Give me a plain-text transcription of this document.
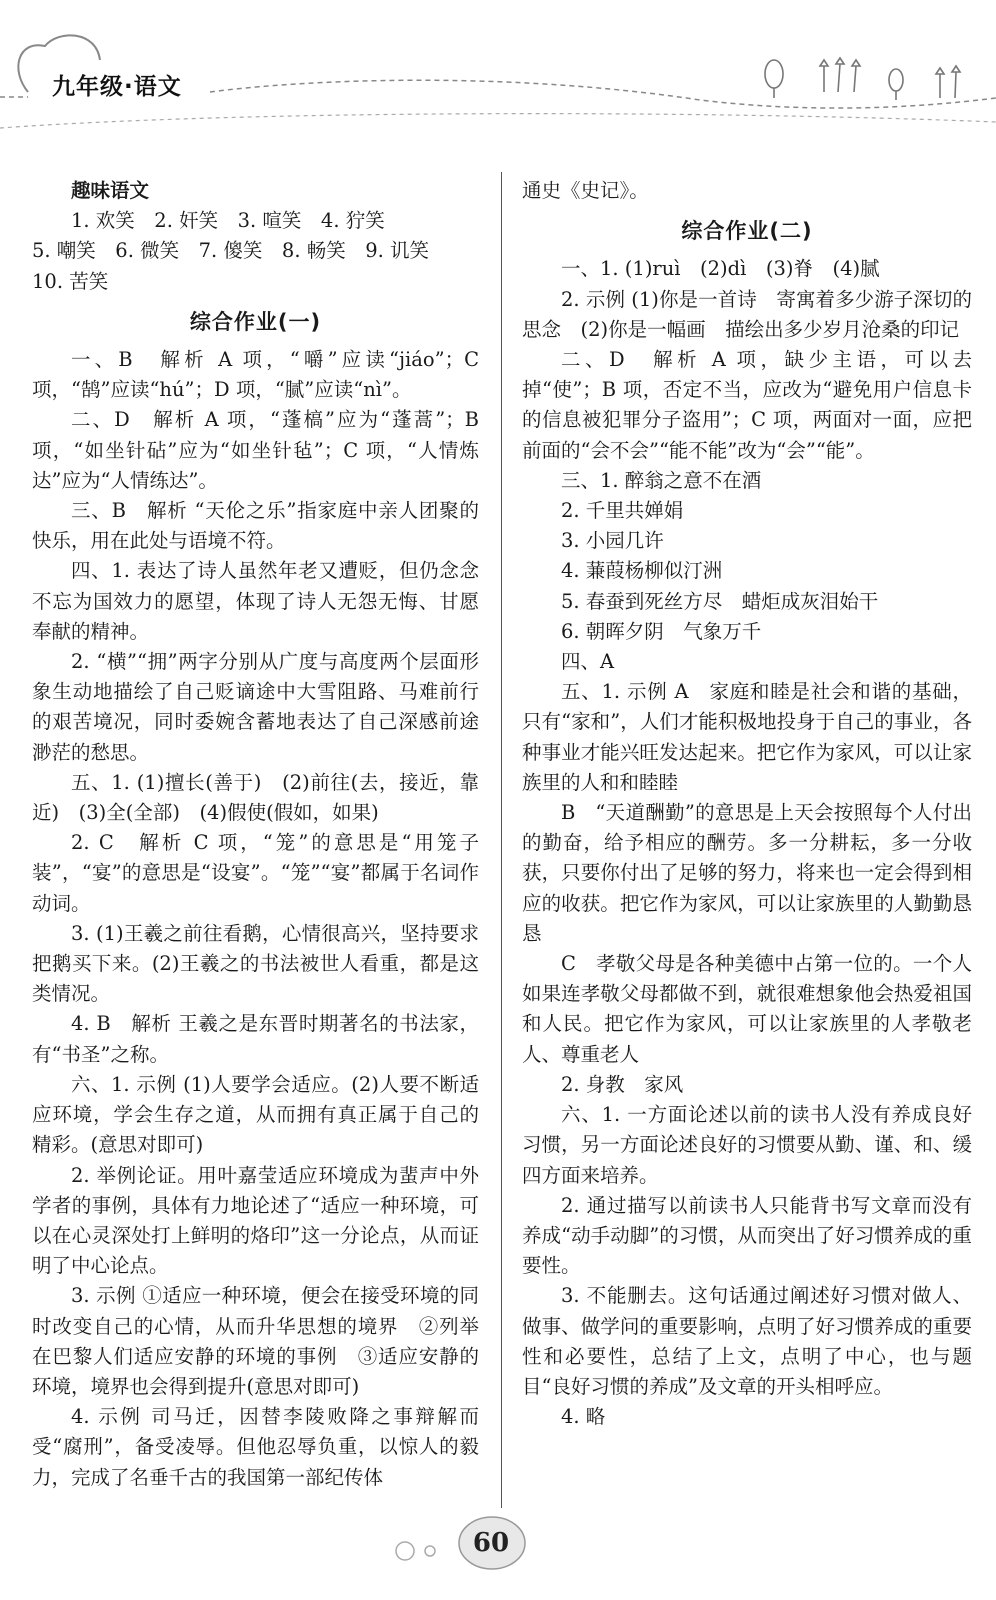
九年级·语文
趣味语文
1. 欢笑　2. 奸笑　3. 喧笑　4. 狞笑
5. 嘲笑　6. 微笑　7. 傻笑　8. 畅笑　9. 讥笑
10. 苦笑
综合作业(一)
一、B　解析 A 项，“嚼”应读“jiáo”；C 项，“鹄”应读“hú”；D 项，“腻”应读“nì”。
二、D　解析 A 项，“蓬槁”应为“蓬蒿”；B 项，“如坐针砧”应为“如坐针毡”；C 项，“人情炼达”应为“人情练达”。
三、B　解析 “天伦之乐”指家庭中亲人团聚的快乐，用在此处与语境不符。
四、1. 表达了诗人虽然年老又遭贬，但仍念念不忘为国效力的愿望，体现了诗人无怨无悔、甘愿奉献的精神。
2. “横”“拥”两字分别从广度与高度两个层面形象生动地描绘了自己贬谪途中大雪阻路、马难前行的艰苦境况，同时委婉含蓄地表达了自己深感前途渺茫的愁思。
五、1. (1)擅长(善于)　(2)前往(去，接近，靠近)　(3)全(全部)　(4)假使(假如，如果)
2. C　解析 C 项，“笼”的意思是“用笼子装”，“宴”的意思是“设宴”。“笼”“宴”都属于名词作动词。
3. (1)王羲之前往看鹅，心情很高兴，坚持要求把鹅买下来。(2)王羲之的书法被世人看重，都是这类情况。
4. B　解析 王羲之是东晋时期著名的书法家，有“书圣”之称。
六、1. 示例 (1)人要学会适应。(2)人要不断适应环境，学会生存之道，从而拥有真正属于自己的精彩。(意思对即可)
2. 举例论证。用叶嘉莹适应环境成为蜚声中外学者的事例，具体有力地论述了“适应一种环境，可以在心灵深处打上鲜明的烙印”这一分论点，从而证明了中心论点。
3. 示例 ①适应一种环境，便会在接受环境的同时改变自己的心情，从而升华思想的境界　②列举在巴黎人们适应安静的环境的事例　③适应安静的环境，境界也会得到提升(意思对即可)
4. 示例 司马迁，因替李陵败降之事辩解而受“腐刑”，备受凌辱。但他忍辱负重，以惊人的毅力，完成了名垂千古的我国第一部纪传体
通史《史记》。
综合作业(二)
一、1. (1)ruì　(2)dì　(3)脊　(4)腻
2. 示例 (1)你是一首诗　寄寓着多少游子深切的思念　(2)你是一幅画　描绘出多少岁月沧桑的印记
二、D　解析 A 项，缺少主语，可以去掉“使”；B 项，否定不当，应改为“避免用户信息卡的信息被犯罪分子盗用”；C 项，两面对一面，应把前面的“会不会”“能不能”改为“会”“能”。
三、1. 醉翁之意不在酒
2. 千里共婵娟
3. 小园几许
4. 蒹葭杨柳似汀洲
5. 春蚕到死丝方尽　蜡炬成灰泪始干
6. 朝晖夕阴　气象万千
四、A
五、1. 示例 A　家庭和睦是社会和谐的基础，只有“家和”，人们才能积极地投身于自己的事业，各种事业才能兴旺发达起来。把它作为家风，可以让家族里的人和和睦睦
B　“天道酬勤”的意思是上天会按照每个人付出的勤奋，给予相应的酬劳。多一分耕耘，多一分收获，只要你付出了足够的努力，将来也一定会得到相应的收获。把它作为家风，可以让家族里的人勤勤恳恳
C　孝敬父母是各种美德中占第一位的。一个人如果连孝敬父母都做不到，就很难想象他会热爱祖国和人民。把它作为家风，可以让家族里的人孝敬老人、尊重老人
2. 身教　家风
六、1. 一方面论述以前的读书人没有养成良好习惯，另一方面论述良好的习惯要从勤、谨、和、缓四方面来培养。
2. 通过描写以前读书人只能背书写文章而没有养成“动手动脚”的习惯，从而突出了好习惯养成的重要性。
3. 不能删去。这句话通过阐述好习惯对做人、做事、做学问的重要影响，点明了好习惯养成的重要性和必要性，总结了上文，点明了中心，也与题目“良好习惯的养成”及文章的开头相呼应。
4. 略
60
